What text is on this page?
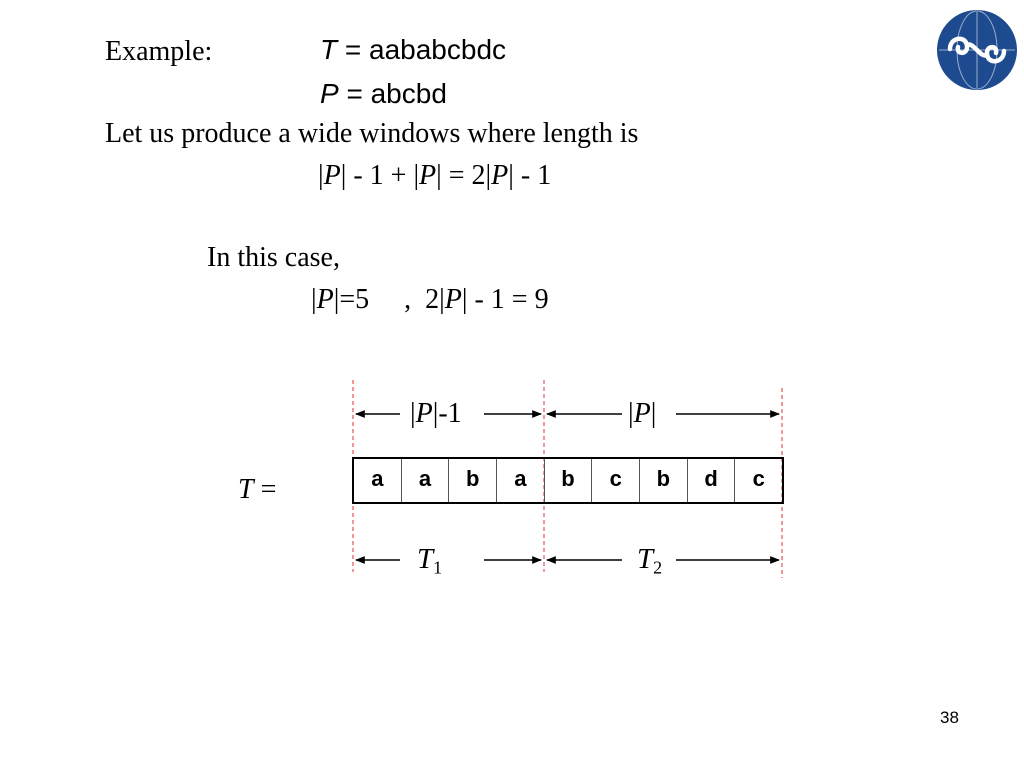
Example:	T = aababcbdc
P = abcbd
Let us produce a wide windows where length is
|P| - 1 + |P| = 2|P| - 1
In this case,
|P|=5     ,  2|P| - 1 = 9
|P|-1	|P|
T =	a	a	b	a	b	c	b	d	c
$T_1$	$T_2$
38
